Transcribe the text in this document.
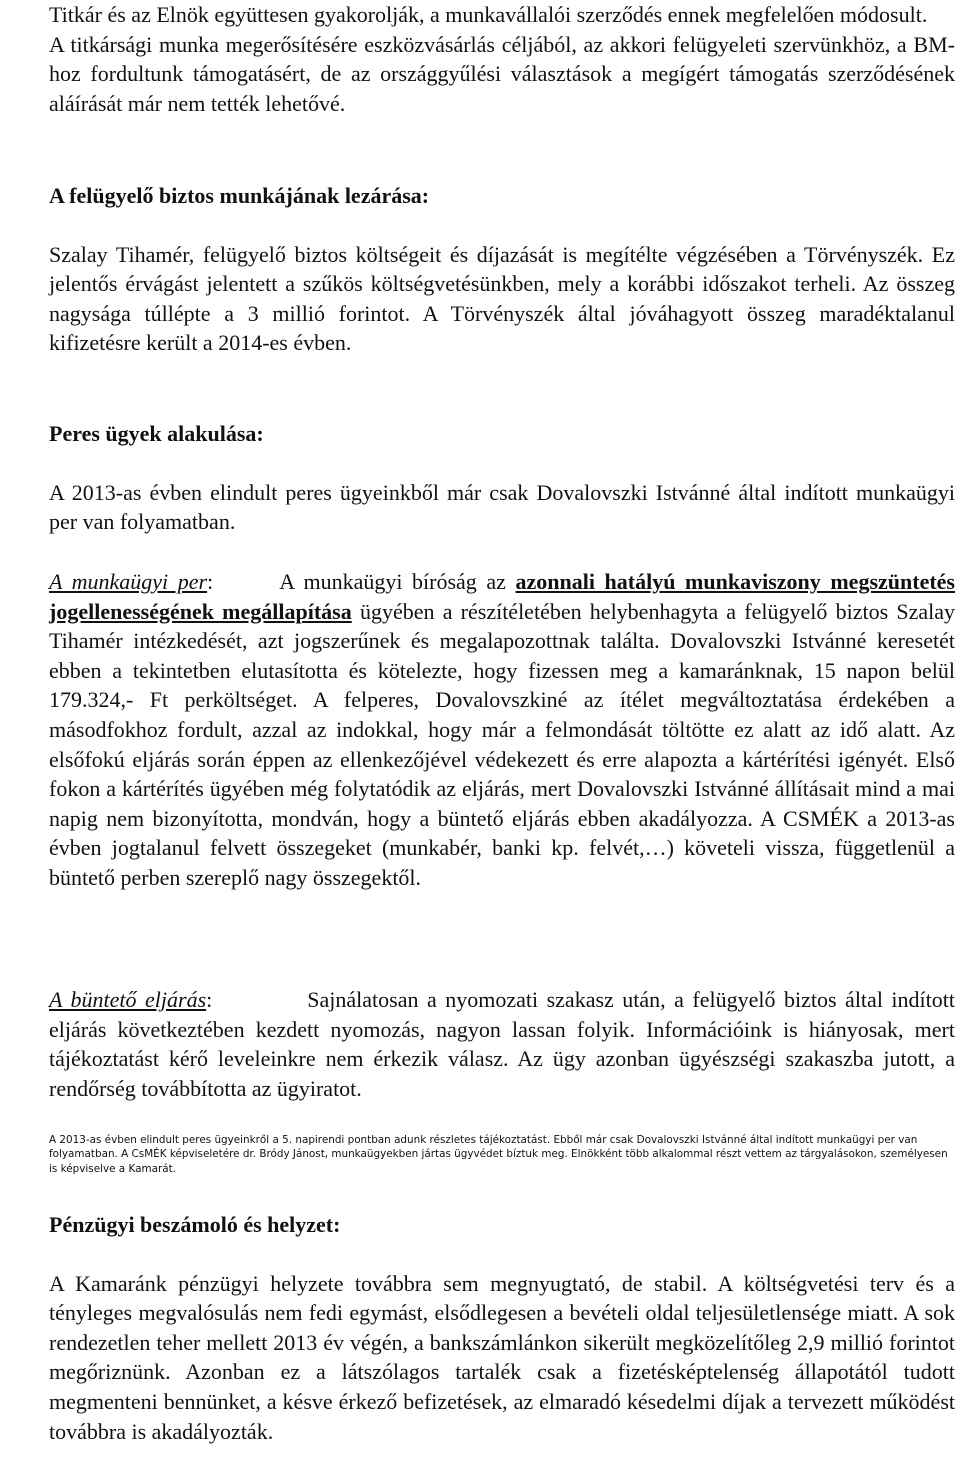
Titkár és az Elnök együttesen gyakorolják, a munkavállalói szerződés ennek megfelelően módosult.

A titkársági munka megerősítésére eszközvásárlás céljából, az akkori felügyeleti szervünkhöz, a BM-hoz fordultunk támogatásért, de az országgyűlési választások a megígért támogatás szerződésének aláírását már nem tették lehetővé.

A felügyelő biztos munkájának lezárása:

Szalay Tihamér, felügyelő biztos költségeit és díjazását is megítélte végzésében a Törvényszék. Ez jelentős érvágást jelentett a szűkös költségvetésünkben, mely a korábbi időszakot terheli. Az összeg nagysága túllépte a 3 millió forintot. A Törvényszék által jóváhagyott összeg maradéktalanul kifizetésre került a 2014-es évben.

Peres ügyek alakulása:

A 2013-as évben elindult peres ügyeinkből már csak Dovalovszki Istvánné által indított munkaügyi per van folyamatban.

A munkaügyi per:	A munkaügyi bíróság az azonnali hatályú munkaviszony megszüntetés jogellenességének megállapítása ügyében a részítéletében helybenhagyta a felügyelő biztos Szalay Tihamér intézkedését, azt jogszerűnek és megalapozottnak találta. Dovalovszki Istvánné keresetét ebben a tekintetben elutasította és kötelezte, hogy fizessen meg a kamaránknak, 15 napon belül 179.324,- Ft perköltséget. A felperes, Dovalovszkiné az ítélet megváltoztatása érdekében a másodfokhoz fordult, azzal az indokkal, hogy már a felmondását töltötte ez alatt az idő alatt. Az elsőfokú eljárás során éppen az ellenkezőjével védekezett és erre alapozta a kártérítési igényét. Első fokon a kártérítés ügyében még folytatódik az eljárás, mert Dovalovszki Istvánné állításait mind a mai napig nem bizonyította, mondván, hogy a büntető eljárás ebben akadályozza. A CSMÉK a 2013-as évben jogtalanul felvett összegeket (munkabér, banki kp. felvét,…) követeli vissza, függetlenül a büntető perben szereplő nagy összegektől.

A büntető eljárás:	Sajnálatosan a nyomozati szakasz után, a felügyelő biztos által indított eljárás következtében kezdett nyomozás, nagyon lassan folyik. Információink is hiányosak, mert tájékoztatást kérő leveleinkre nem érkezik válasz. Az ügy azonban ügyészségi szakaszba jutott, a rendőrség továbbította az ügyiratot.

A 2013-as évben elindult peres ügyeinkről a 5. napirendi pontban adunk részletes tájékoztatást. Ebből már csak Dovalovszki Istvánné által indított munkaügyi per van folyamatban. A CsMÉK képviseletére dr. Bródy Jánost, munkaügyekben jártas ügyvédet bíztuk meg. Elnökként több alkalommal részt vettem az tárgyalásokon, személyesen is képviselve a Kamarát.

Pénzügyi beszámoló és helyzet:

A Kamaránk pénzügyi helyzete továbbra sem megnyugtató, de stabil. A költségvetési terv és a tényleges megvalósulás nem fedi egymást, elsődlegesen a bevételi oldal teljesületlensége miatt. A sok rendezetlen teher mellett 2013 év végén, a bankszámlánkon sikerült megközelítőleg 2,9 millió forintot megőriznünk. Azonban ez a látszólagos tartalék csak a fizetésképtelenség állapotától tudott megmenteni bennünket, a késve érkező befizetések, az elmaradó késedelmi díjak a tervezett működést továbbra is akadályozták.
